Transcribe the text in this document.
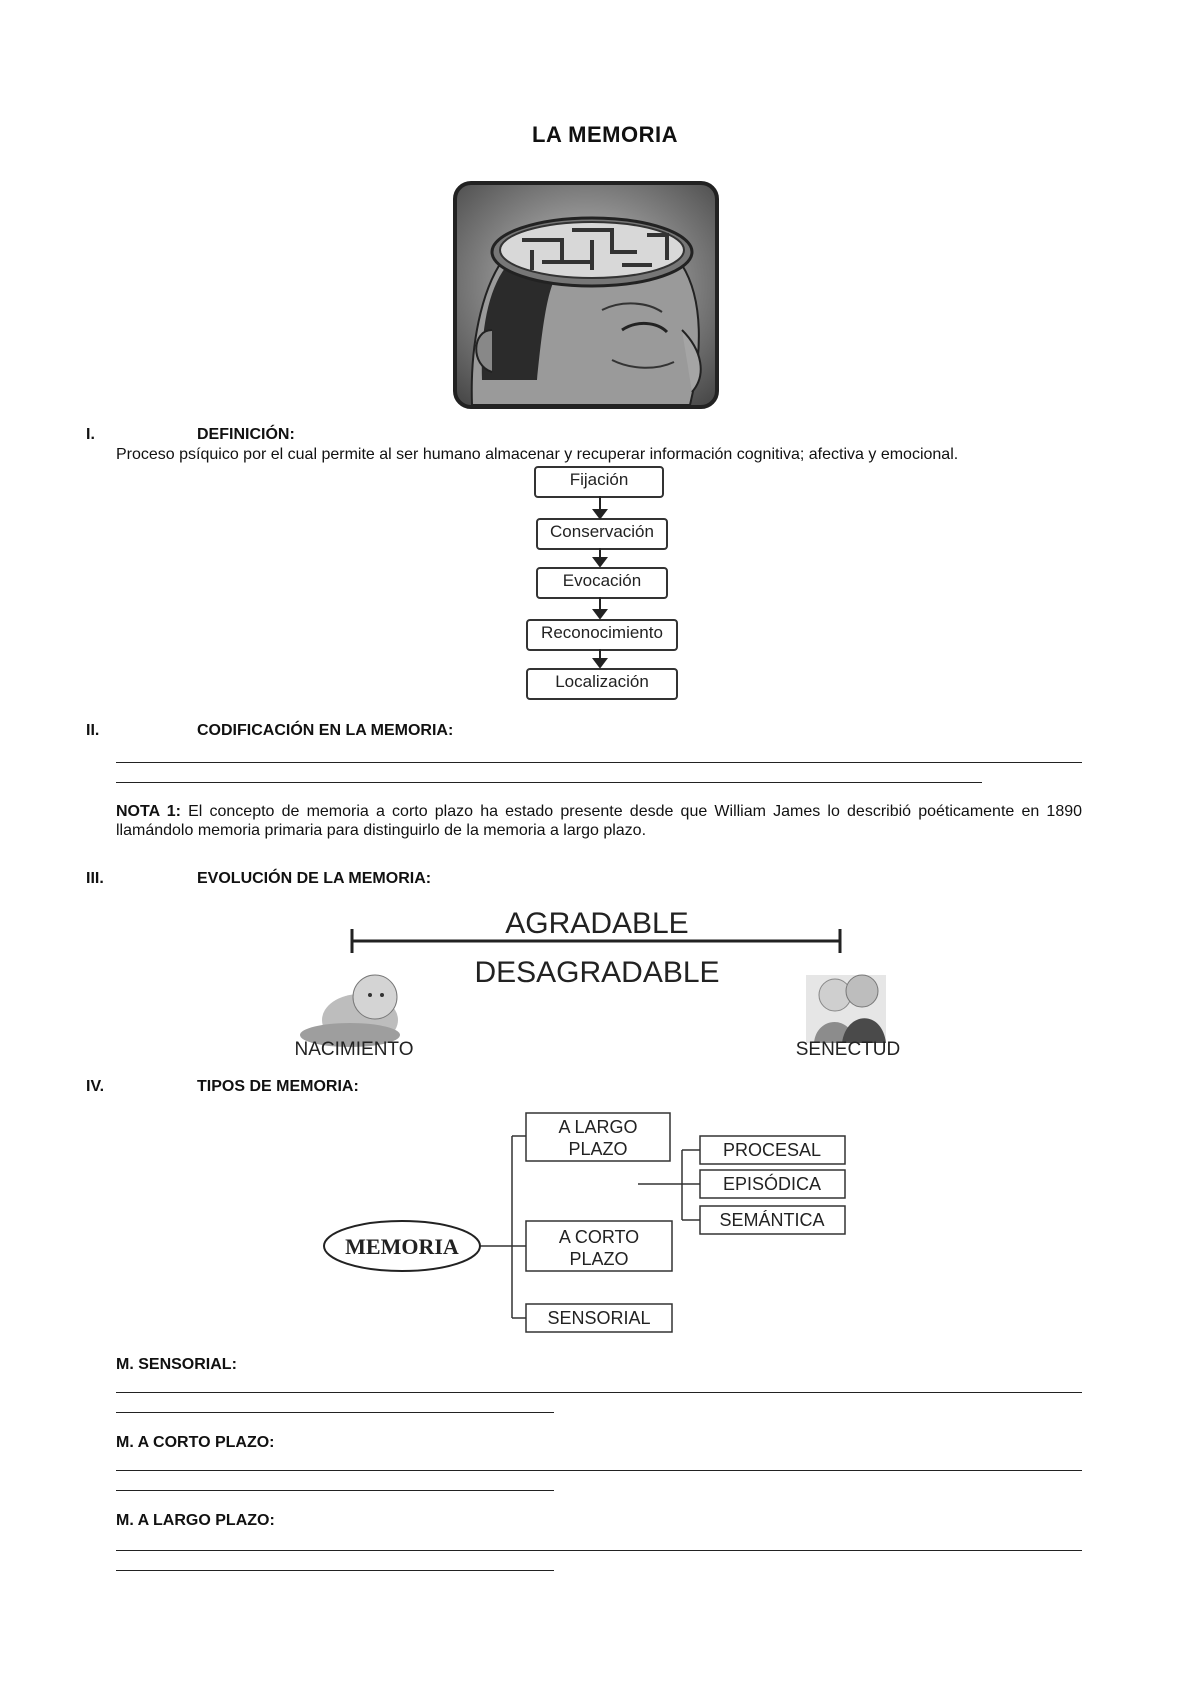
LA MEMORIA
I.	DEFINICIÓN:
Proceso psíquico por el cual permite al ser humano almacenar y recuperar información cognitiva; afectiva y emocional.
Fijación
Conservación
Evocación
Reconocimiento
Localización
II.	CODIFICACIÓN EN LA MEMORIA:
NOTA 1: El concepto de memoria a corto plazo ha estado presente desde que William James lo describió poéticamente en 1890 llamándolo memoria primaria para distinguirlo de la memoria a largo plazo.
III.	EVOLUCIÓN DE LA MEMORIA:
AGRADABLE
DESAGRADABLE
NACIMIENTO	SENECTUD
IV.	TIPOS DE MEMORIA:
MEMORIA
A LARGO
PLAZO
A CORTO
PLAZO
SENSORIAL
PROCESAL
EPISÓDICA
SEMÁNTICA
M. SENSORIAL:
M. A CORTO PLAZO:
M. A LARGO PLAZO:
